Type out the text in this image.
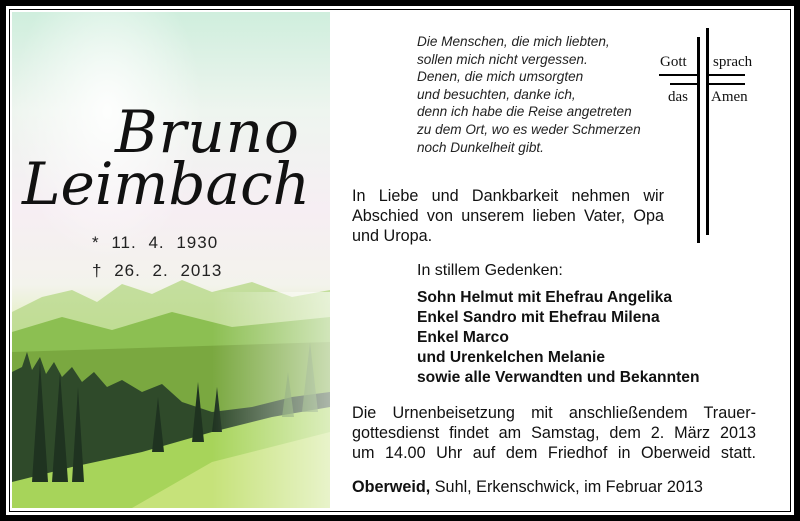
Bruno
Leimbach
* 11. 4. 1930
† 26. 2. 2013
Die Menschen, die mich liebten,
sollen mich nicht vergessen.
Denen, die mich umsorgten
und besuchten, danke ich,
denn ich habe die Reise angetreten
zu dem Ort, wo es weder Schmerzen
noch Dunkelheit gibt.
Gott sprach
das Amen
In Liebe und Dankbarkeit nehmen wir
Abschied von unserem lieben Vater, Opa
und Uropa.
In stillem Gedenken:
Sohn Helmut mit Ehefrau Angelika
Enkel Sandro mit Ehefrau Milena
Enkel Marco
und Urenkelchen Melanie
sowie alle Verwandten und Bekannten
Die Urnenbeisetzung mit anschließendem Trauer-
gottesdienst findet am Samstag, dem 2. März 2013
um 14.00 Uhr auf dem Friedhof in Oberweid statt.
Oberweid, Suhl, Erkenschwick, im Februar 2013
